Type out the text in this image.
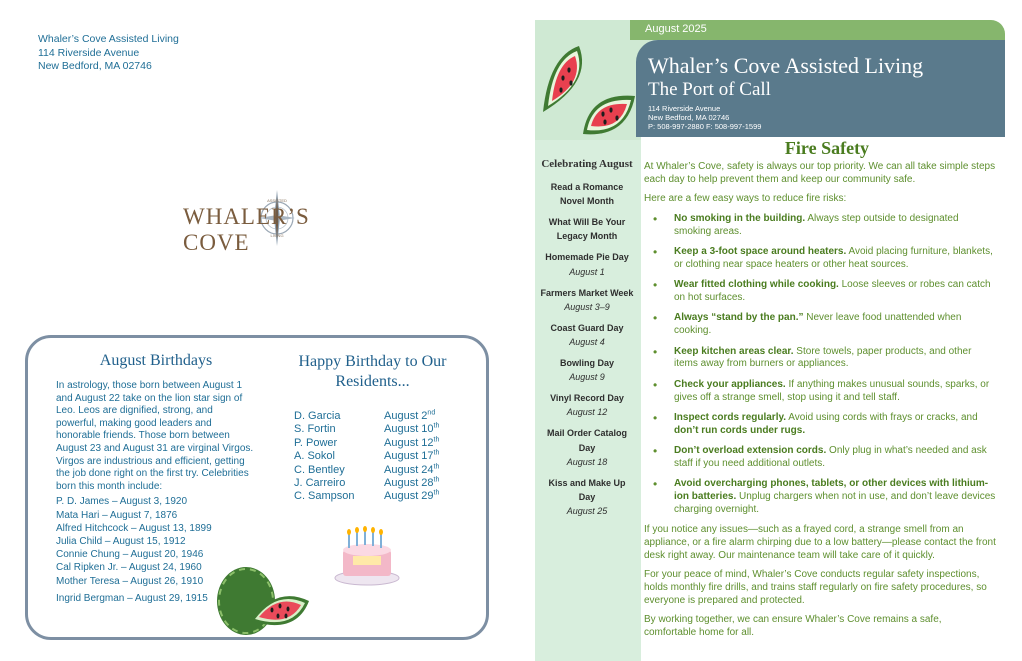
Whaler’s Cove Assisted Living
114 Riverside Avenue
New Bedford, MA 02746
ASSISTED
LIVING
WHALER’S COVE
August Birthdays
In astrology, those born between August 1 and August 22 take on the lion star sign of Leo. Leos are dignified, strong, and powerful, making good leaders and honorable friends. Those born between August 23 and August 31 are virginal Virgos. Virgos are industrious and efficient, getting the job done right on the first try. Celebrities born this month include:
P. D. James – August 3, 1920
Mata Hari – August 7, 1876
Alfred Hitchcock – August 13, 1899
Julia Child – August 15, 1912
Connie Chung – August 20, 1946
Cal Ripken Jr. – August 24, 1960
Mother Teresa – August 26, 1910
Ingrid Bergman – August 29, 1915
Happy Birthday to Our Residents...
D. Garcia	August 2nd
S. Fortin	August 10th
P. Power	August 12th
A. Sokol	August 17th
C. Bentley	August 24th
J. Carreiro	August 28th
C. Sampson	August 29th
August 2025
Whaler’s Cove Assisted Living
The Port of Call
114 Riverside Avenue
New Bedford, MA 02746
P: 508-997-2880 F: 508-997-1599
Celebrating August
Read a Romance Novel Month
What Will Be Your Legacy Month
Homemade Pie Day
August 1
Farmers Market Week
August 3–9
Coast Guard Day
August 4
Bowling Day
August 9
Vinyl Record Day
August 12
Mail Order Catalog Day
August 18
Kiss and Make Up Day
August 25
Fire Safety
At Whaler’s Cove, safety is always our top priority. We can all take simple steps each day to help prevent them and keep our community safe.
Here are a few easy ways to reduce fire risks:
• No smoking in the building. Always step outside to designated smoking areas.
• Keep a 3-foot space around heaters. Avoid placing furniture, blankets, or clothing near space heaters or other heat sources.
• Wear fitted clothing while cooking. Loose sleeves or robes can catch on hot surfaces.
• Always “stand by the pan.” Never leave food unattended when cooking.
• Keep kitchen areas clear. Store towels, paper products, and other items away from burners or appliances.
• Check your appliances. If anything makes unusual sounds, sparks, or gives off a strange smell, stop using it and tell staff.
• Inspect cords regularly. Avoid using cords with frays or cracks, and don’t run cords under rugs.
• Don’t overload extension cords. Only plug in what’s needed and ask staff if you need additional outlets.
• Avoid overcharging phones, tablets, or other devices with lithium-ion batteries. Unplug chargers when not in use, and don’t leave devices charging overnight.
If you notice any issues—such as a frayed cord, a strange smell from an appliance, or a fire alarm chirping due to a low battery—please contact the front desk right away. Our maintenance team will take care of it quickly.
For your peace of mind, Whaler’s Cove conducts regular safety inspections, holds monthly fire drills, and trains staff regularly on fire safety procedures, so everyone is prepared and protected.
By working together, we can ensure Whaler’s Cove remains a safe, comfortable home for all.
